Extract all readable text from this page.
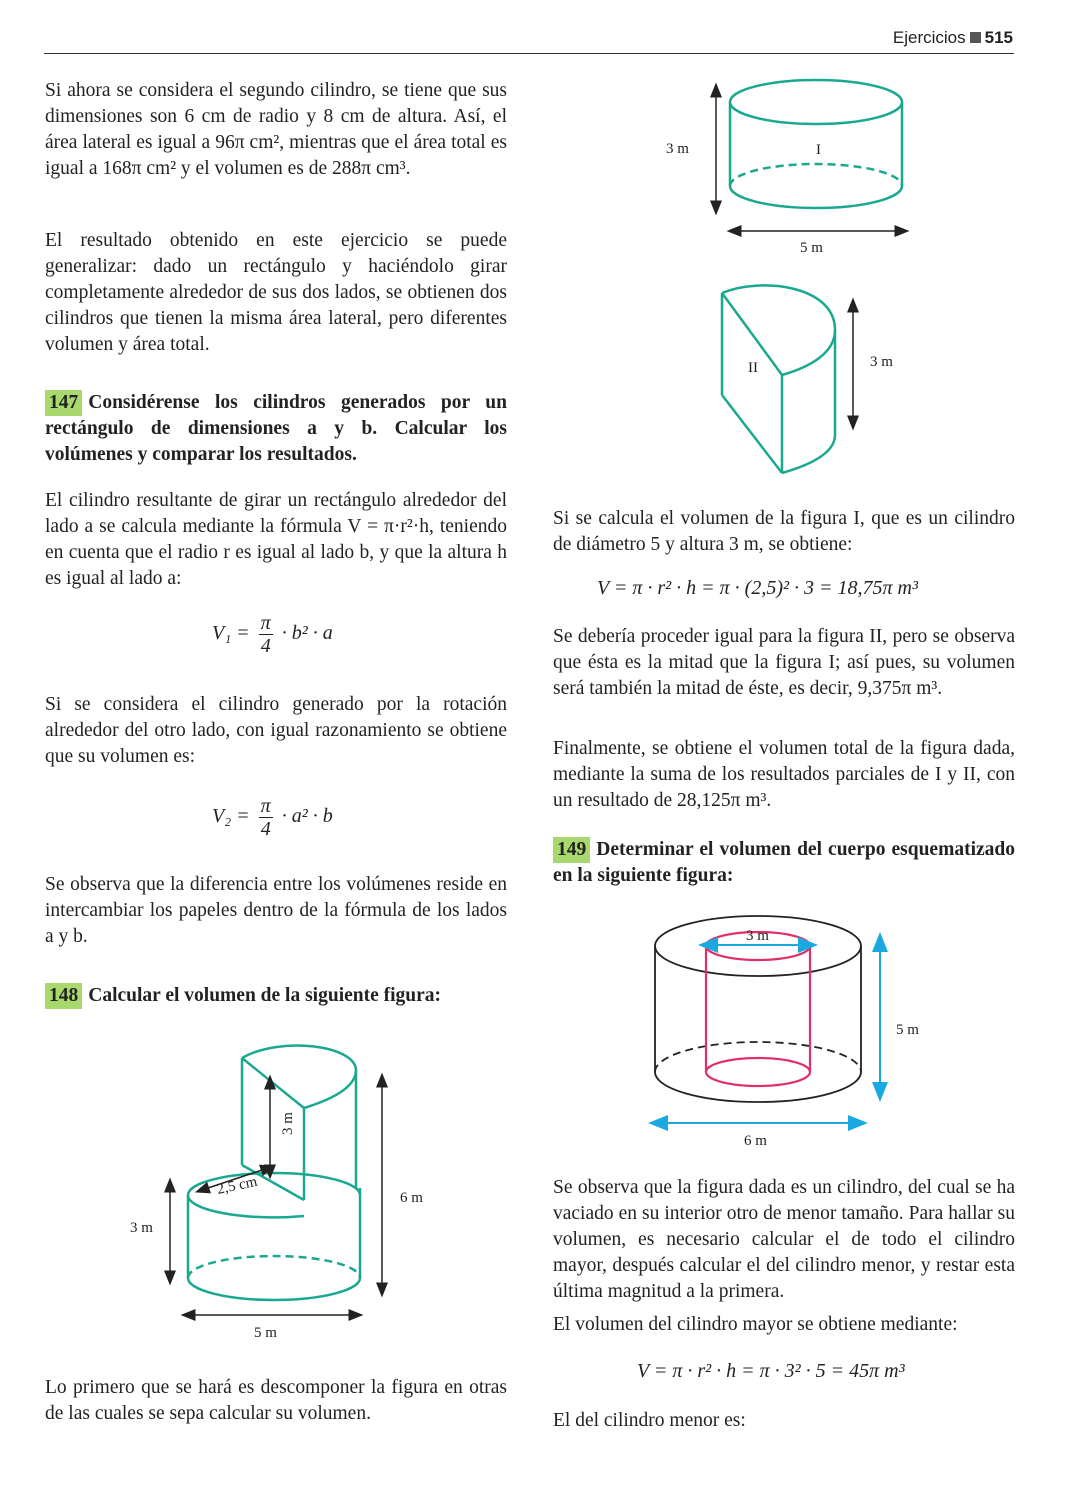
Ejercicios 515

Si ahora se considera el segundo cilindro, se tiene que sus dimensiones son 6 cm de radio y 8 cm de altura. Así, el área lateral es igual a 96π cm², mientras que el área total es igual a 168π cm² y el volumen es de 288π cm³.

El resultado obtenido en este ejercicio se puede generalizar: dado un rectángulo y haciéndolo girar completamente alrededor de sus dos lados, se obtienen dos cilindros que tienen la misma área lateral, pero diferentes volumen y área total.

147 Considérense los cilindros generados por un rectángulo de dimensiones a y b. Calcular los volúmenes y comparar los resultados.

El cilindro resultante de girar un rectángulo alrededor del lado a se calcula mediante la fórmula V = π·r²·h, teniendo en cuenta que el radio r es igual al lado b, y que la altura h es igual al lado a:

$V_1 = \frac{\pi}{4} \cdot b^2 \cdot a$

Si se considera el cilindro generado por la rotación alrededor del otro lado, con igual razonamiento se obtiene que su volumen es:

$V_2 = \frac{\pi}{4} \cdot a^2 \cdot b$

Se observa que la diferencia entre los volúmenes reside en intercambiar los papeles dentro de la fórmula de los lados a y b.

148 Calcular el volumen de la siguiente figura:

3 m
2,5 cm
3 m
6 m
5 m

Lo primero que se hará es descomponer la figura en otras de las cuales se sepa calcular su volumen.

I
3 m
5 m
II	3 m

Si se calcula el volumen de la figura I, que es un cilindro de diámetro 5 y altura 3 m, se obtiene:

V = π · r² · h = π · (2,5)² · 3 = 18,75π m³

Se debería proceder igual para la figura II, pero se observa que ésta es la mitad que la figura I; así pues, su volumen será también la mitad de éste, es decir, 9,375π m³.

Finalmente, se obtiene el volumen total de la figura dada, mediante la suma de los resultados parciales de I y II, con un resultado de 28,125π m³.

149 Determinar el volumen del cuerpo esquematizado en la siguiente figura:

3 m
5 m
6 m

Se observa que la figura dada es un cilindro, del cual se ha vaciado en su interior otro de menor tamaño. Para hallar su volumen, es necesario calcular el de todo el cilindro mayor, después calcular el del cilindro menor, y restar esta última magnitud a la primera.

El volumen del cilindro mayor se obtiene mediante:

V = π · r² · h = π · 3² · 5 = 45π m³

El del cilindro menor es:
